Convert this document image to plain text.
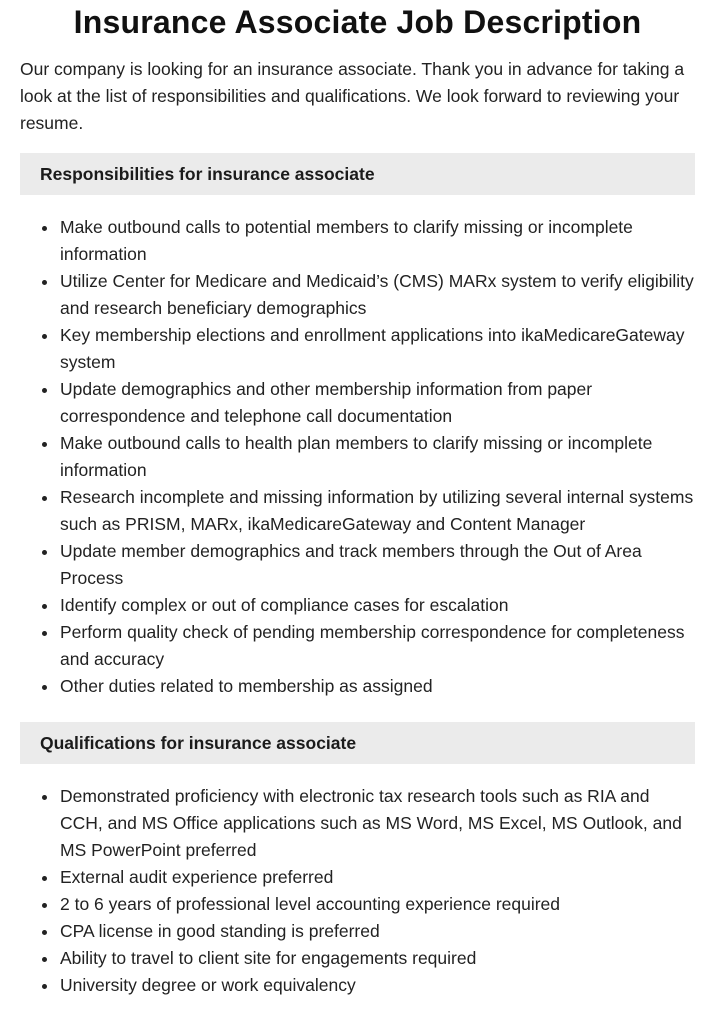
Insurance Associate Job Description

Our company is looking for an insurance associate. Thank you in advance for taking a look at the list of responsibilities and qualifications. We look forward to reviewing your resume.

Responsibilities for insurance associate
Make outbound calls to potential members to clarify missing or incomplete information
Utilize Center for Medicare and Medicaid’s (CMS) MARx system to verify eligibility and research beneficiary demographics
Key membership elections and enrollment applications into ikaMedicareGateway system
Update demographics and other membership information from paper correspondence and telephone call documentation
Make outbound calls to health plan members to clarify missing or incomplete information
Research incomplete and missing information by utilizing several internal systems such as PRISM, MARx, ikaMedicareGateway and Content Manager
Update member demographics and track members through the Out of Area Process
Identify complex or out of compliance cases for escalation
Perform quality check of pending membership correspondence for completeness and accuracy
Other duties related to membership as assigned
Qualifications for insurance associate
Demonstrated proficiency with electronic tax research tools such as RIA and CCH, and MS Office applications such as MS Word, MS Excel, MS Outlook, and MS PowerPoint preferred
External audit experience preferred
2 to 6 years of professional level accounting experience required
CPA license in good standing is preferred
Ability to travel to client site for engagements required
University degree or work equivalency
